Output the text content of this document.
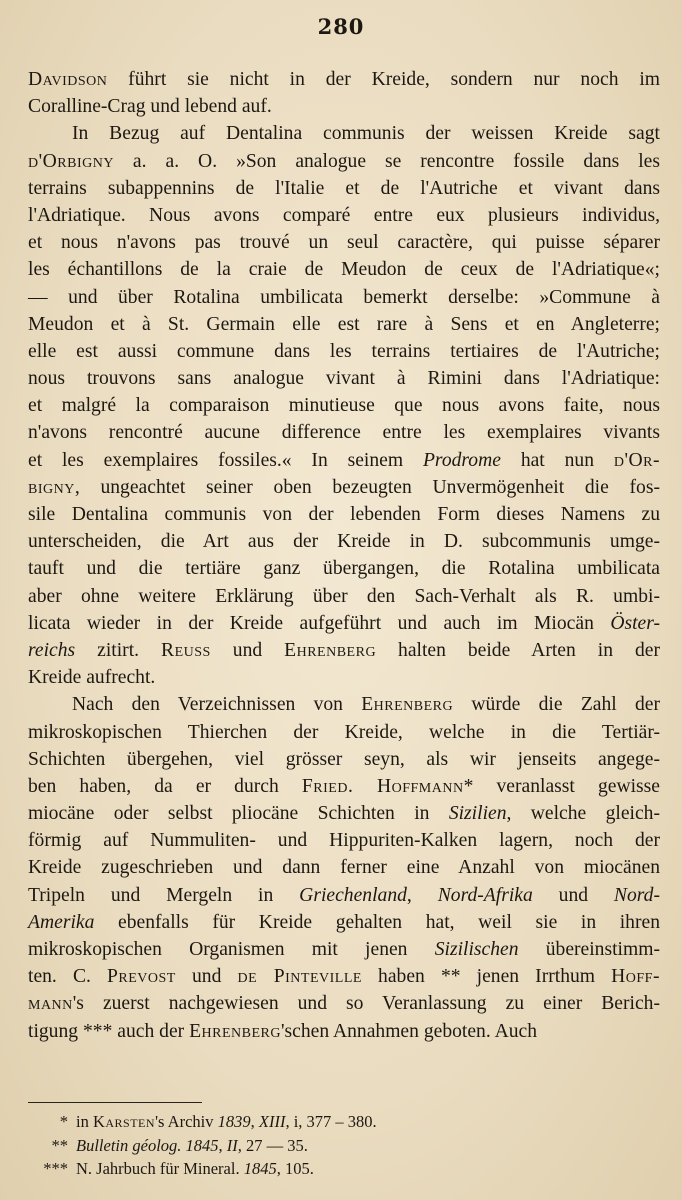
280
Davidson führt sie nicht in der Kreide, sondern nur noch im
Coralline-Crag und lebend auf.
In Bezug auf Dentalina communis der weissen Kreide sagt
d'Orbigny a. a. O. »Son analogue se rencontre fossile dans les
terrains subappennins de l'Italie et de l'Autriche et vivant dans
l'Adriatique. Nous avons comparé entre eux plusieurs individus,
et nous n'avons pas trouvé un seul caractère, qui puisse séparer
les échantillons de la craie de Meudon de ceux de l'Adriatique«;
— und über Rotalina umbilicata bemerkt derselbe: »Commune à
Meudon et à St. Germain elle est rare à Sens et en Angleterre;
elle est aussi commune dans les terrains tertiaires de l'Autriche;
nous trouvons sans analogue vivant à Rimini dans l'Adriatique:
et malgré la comparaison minutieuse que nous avons faite, nous
n'avons rencontré aucune difference entre les exemplaires vivants
et les exemplaires fossiles.« In seinem Prodrome hat nun d'Or-
bigny, ungeachtet seiner oben bezeugten Unvermögenheit die fos-
sile Dentalina communis von der lebenden Form dieses Namens zu
unterscheiden, die Art aus der Kreide in D. subcommunis umge-
tauft und die tertiäre ganz übergangen, die Rotalina umbilicata
aber ohne weitere Erklärung über den Sach-Verhalt als R. umbi-
licata wieder in der Kreide aufgeführt und auch im Miocän Öster-
reichs zitirt. Reuss und Ehrenberg halten beide Arten in der
Kreide aufrecht.
Nach den Verzeichnissen von Ehrenberg würde die Zahl der
mikroskopischen Thierchen der Kreide, welche in die Tertiär-
Schichten übergehen, viel grösser seyn, als wir jenseits angege-
ben haben, da er durch Fried. Hoffmann* veranlasst gewisse
miocäne oder selbst pliocäne Schichten in Sizilien, welche gleich-
förmig auf Nummuliten- und Hippuriten-Kalken lagern, noch der
Kreide zugeschrieben und dann ferner eine Anzahl von miocänen
Tripeln und Mergeln in Griechenland, Nord-Afrika und Nord-
Amerika ebenfalls für Kreide gehalten hat, weil sie in ihren
mikroskopischen Organismen mit jenen Sizilischen übereinstimm-
ten. C. Prevost und de Pinteville haben ** jenen Irrthum Hoff-
mann's zuerst nachgewiesen und so Veranlassung zu einer Berich-
tigung *** auch der Ehrenberg'schen Annahmen geboten. Auch
* in Karsten's Archiv 1839, XIII, i, 377 – 380.
** Bulletin géolog. 1845, II, 27 — 35.
*** N. Jahrbuch für Mineral. 1845, 105.
